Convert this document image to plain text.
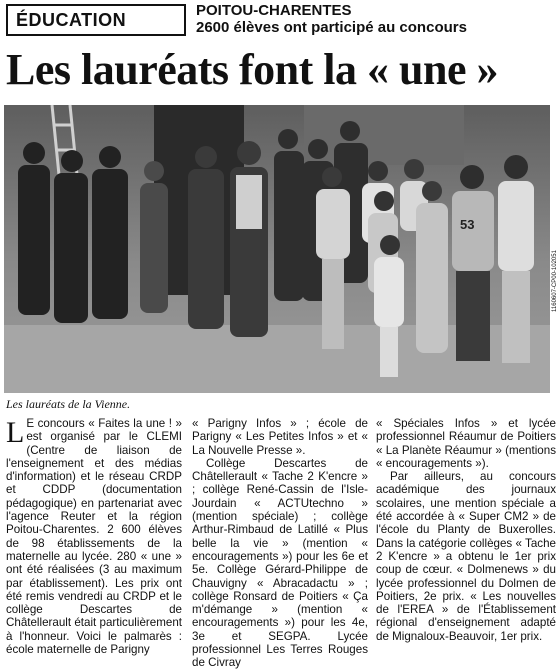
ÉDUCATION	POITOU-CHARENTES
2600 élèves ont participé au concours
Les lauréats font la « une »
53
1160607-CP00-102051
Les lauréats de la Vienne.
L E concours « Faites la une ! » est organisé par le CLEMI (Centre de liaison de l'enseignement et des médias d'information) et le réseau CRDP et CDDP (documentation pédagogique) en partenariat avec l'agence Reuter et la région Poitou-Charentes. 2 600 élèves de 98 établissements de la maternelle au lycée. 280 « une » ont été réalisées (3 au maximum par établissement). Les prix ont été remis vendredi au CRDP et le collège Descartes de Châtellerault était particulièrement à l'honneur. Voici le palmarès : école maternelle de Parigny

« Parigny Infos » ; école de Parigny « Les Petites Infos » et « La Nouvelle Presse ».

Collège Descartes de Châtellerault « Tache 2 K'encre » ; collège René-Cassin de l'Isle-Jourdain « ACTUtechno » (mention spéciale) ; collège Arthur-Rimbaud de Latillé « Plus belle la vie » (mention « encouragements ») pour les 6e et 5e. Collège Gérard-Philippe de Chauvigny « Abracadactu » ; collège Ronsard de Poitiers « Ça m'démange » (mention « encouragements ») pour les 4e, 3e et SEGPA. Lycée professionnel Les Terres Rouges de Civray

« Spéciales Infos » et lycée professionnel Réaumur de Poitiers « La Planète Réaumur » (mentions « encouragements »).

Par ailleurs, au concours académique des journaux scolaires, une mention spéciale a été accordée à « Super CM2 » de l'école du Planty de Buxerolles. Dans la catégorie collèges « Tache 2 K'encre » a obtenu le 1er prix coup de cœur. « Dolmenews » du lycée professionnel du Dolmen de Poitiers, 2e prix. « Les nouvelles de l'EREA » de l'Établissement régional d'enseignement adapté de Mignaloux-Beauvoir, 1er prix.
